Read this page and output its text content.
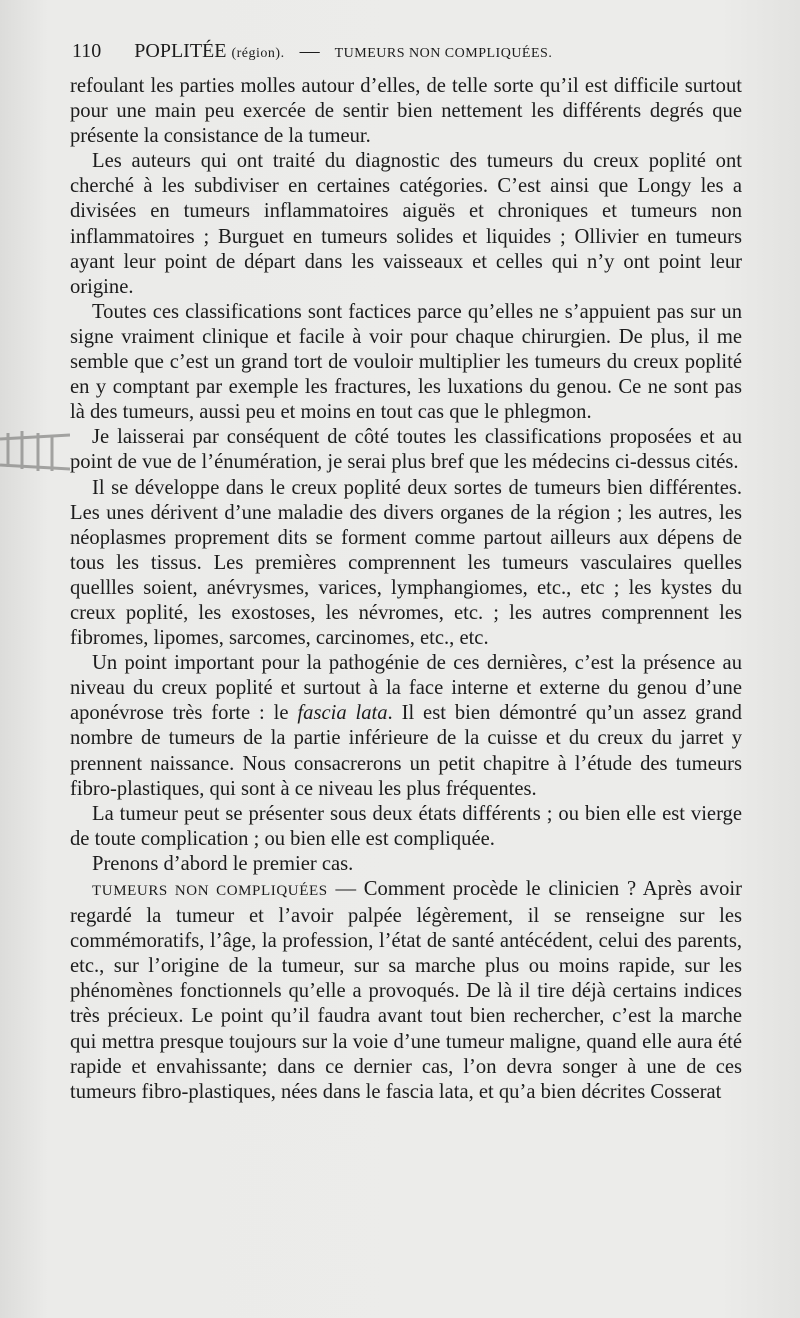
110 POPLITÉE (région). — TUMEURS NON COMPLIQUÉES.

refoulant les parties molles autour d’elles, de telle sorte qu’il est difficile surtout pour une main peu exercée de sentir bien nettement les différents degrés que présente la consistance de la tumeur.

Les auteurs qui ont traité du diagnostic des tumeurs du creux poplité ont cherché à les subdiviser en certaines catégories. C’est ainsi que Longy les a divisées en tumeurs inflammatoires aiguës et chroniques et tumeurs non inflammatoires ; Burguet en tumeurs solides et liquides ; Ollivier en tumeurs ayant leur point de départ dans les vaisseaux et celles qui n’y ont point leur origine.

Toutes ces classifications sont factices parce qu’elles ne s’appuient pas sur un signe vraiment clinique et facile à voir pour chaque chirurgien. De plus, il me semble que c’est un grand tort de vouloir multiplier les tumeurs du creux poplité en y comptant par exemple les fractures, les luxations du genou. Ce ne sont pas là des tumeurs, aussi peu et moins en tout cas que le phlegmon.

Je laisserai par conséquent de côté toutes les classifications proposées et au point de vue de l’énumération, je serai plus bref que les médecins ci-dessus cités.

Il se développe dans le creux poplité deux sortes de tumeurs bien différentes. Les unes dérivent d’une maladie des divers organes de la région ; les autres, les néoplasmes proprement dits se forment comme partout ailleurs aux dépens de tous les tissus. Les premières comprennent les tumeurs vasculaires quelles quellles soient, anévrysmes, varices, lymphangiomes, etc., etc ; les kystes du creux poplité, les exostoses, les névromes, etc. ; les autres comprennent les fibromes, lipomes, sarcomes, carcinomes, etc., etc.

Un point important pour la pathogénie de ces dernières, c’est la présence au niveau du creux poplité et surtout à la face interne et externe du genou d’une aponévrose très forte : le fascia lata. Il est bien démontré qu’un assez grand nombre de tumeurs de la partie inférieure de la cuisse et du creux du jarret y prennent naissance. Nous consacrerons un petit chapitre à l’étude des tumeurs fibro-plastiques, qui sont à ce niveau les plus fréquentes.

La tumeur peut se présenter sous deux états différents ; ou bien elle est vierge de toute complication ; ou bien elle est compliquée.

Prenons d’abord le premier cas.

TUMEURS NON COMPLIQUÉES — Comment procède le clinicien ? Après avoir regardé la tumeur et l’avoir palpée légèrement, il se renseigne sur les commémoratifs, l’âge, la profession, l’état de santé antécédent, celui des parents, etc., sur l’origine de la tumeur, sur sa marche plus ou moins rapide, sur les phénomènes fonctionnels qu’elle a provoqués. De là il tire déjà certains indices très précieux. Le point qu’il faudra avant tout bien rechercher, c’est la marche qui mettra presque toujours sur la voie d’une tumeur maligne, quand elle aura été rapide et envahissante; dans ce dernier cas, l’on devra songer à une de ces tumeurs fibro-plastiques, nées dans le fascia lata, et qu’a bien décrites Cosserat
